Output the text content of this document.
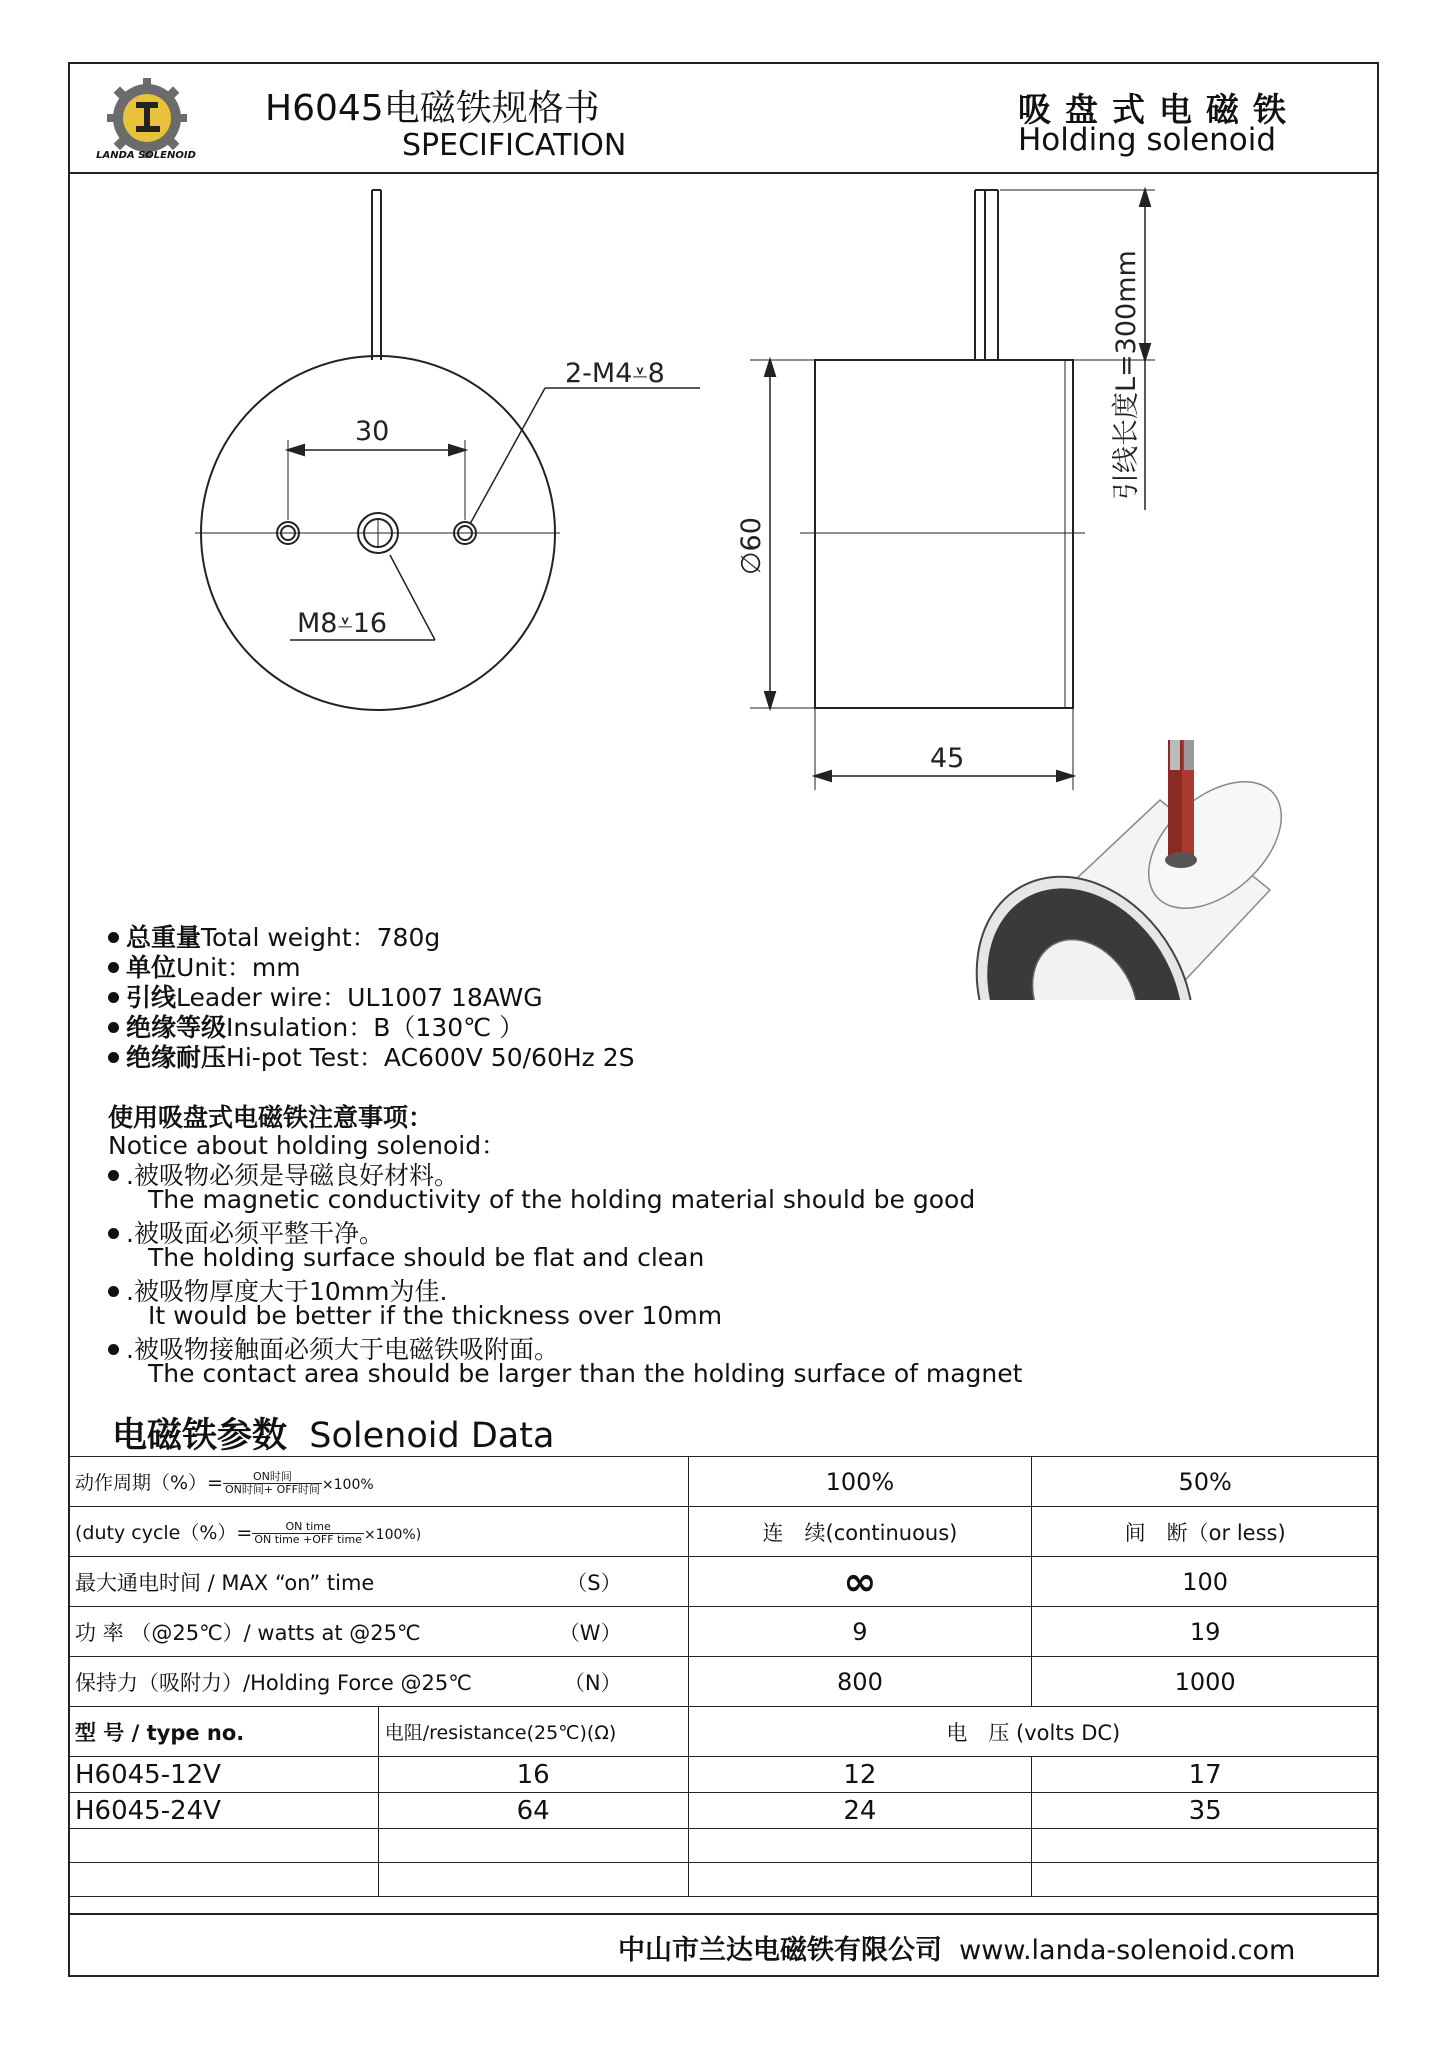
LANDA SOLENOID
H6045电磁铁规格书
SPECIFICATION
吸盘式电磁铁
Holding solenoid
30
2-M4⩡8
M8⩡16
∅60
45
引线长度L=300mm
总重量Total weight：780g
单位Unit：mm
引线Leader wire：UL1007 18AWG
绝缘等级Insulation：B（130℃ ）
绝缘耐压Hi-pot Test：AC600V 50/60Hz 2S
使用吸盘式电磁铁注意事项：
Notice about holding solenoid：
.被吸物必须是导磁良好材料。
The magnetic conductivity of the holding material should be good
.被吸面必须平整干净。
The holding surface should be flat and clean
.被吸物厚度大于10mm为佳.
It would be better if the thickness over 10mm
.被吸物接触面必须大于电磁铁吸附面。
The contact area should be larger than the holding surface of magnet
电磁铁参数 Solenoid Data
动作周期（%）= $\frac{\text{ON时间}}{\text{ON时间+ OFF时间}} \times 100\%$		100%	50%
(duty cycle（%）= $\frac{\text{ON time}}{\text{ON time +OFF time}} \times 100\%$)		连　续(continuous)	间　断（or less)
最大通电时间 / MAX “on” time （S）		∞	100
功 率 （@25℃）/ watts at @25℃ （W）		9	19
保持力（吸附力）/Holding Force @25℃ （N）		800	1000
型 号 / type no.	电阻/resistance(25℃)(Ω)	电　压 (volts DC)	
H6045-12V	16	12	17
H6045-24V	64	24	35

中山市兰达电磁铁有限公司 www.landa-solenoid.com
